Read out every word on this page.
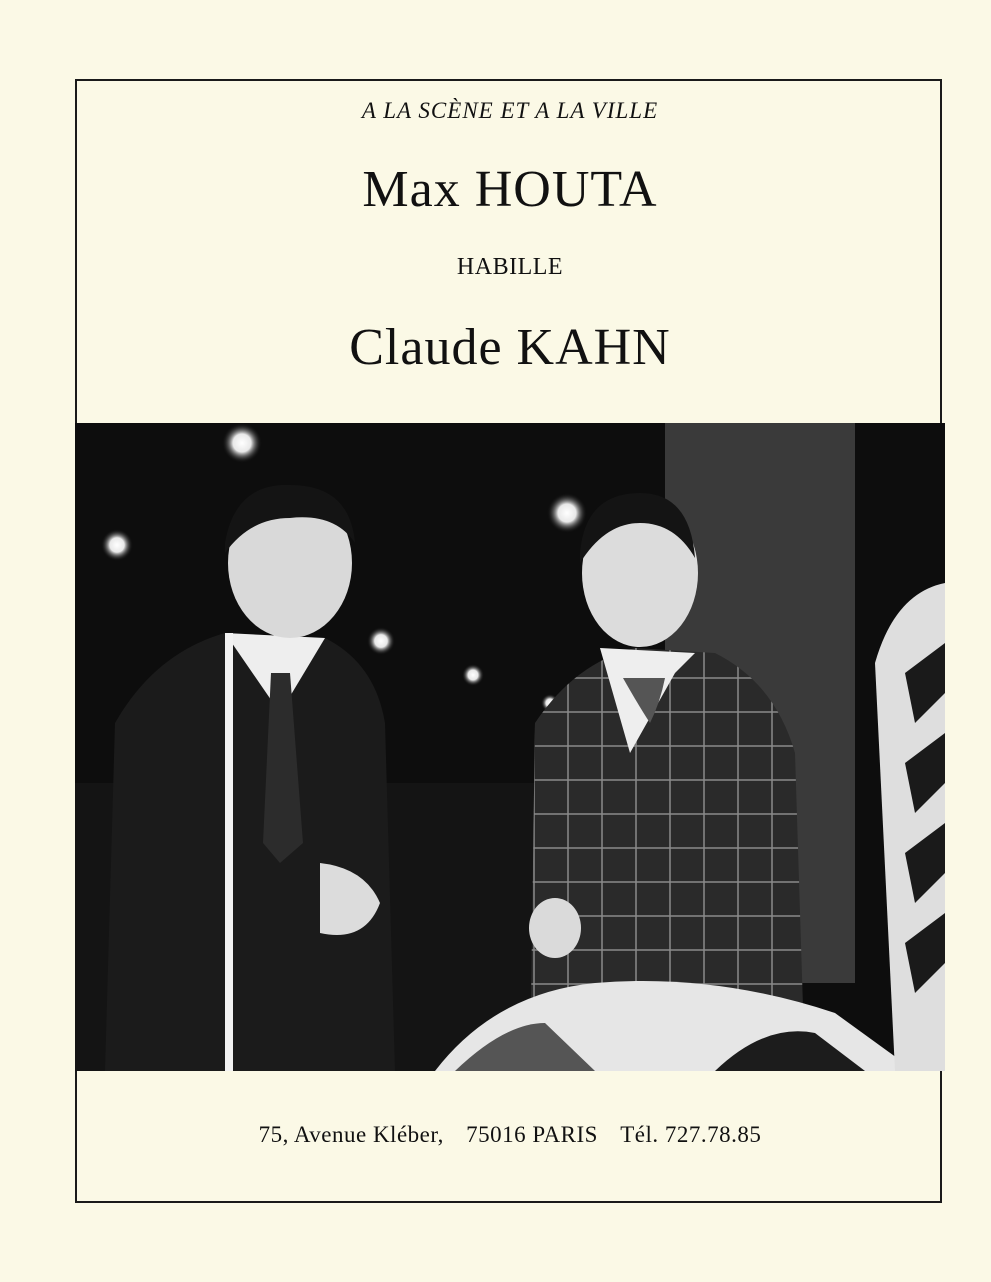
A LA SCÈNE ET A LA VILLE
Max HOUTA
HABILLE
Claude KAHN
75, Avenue Kléber, 75016 PARIS Tél. 727.78.85
